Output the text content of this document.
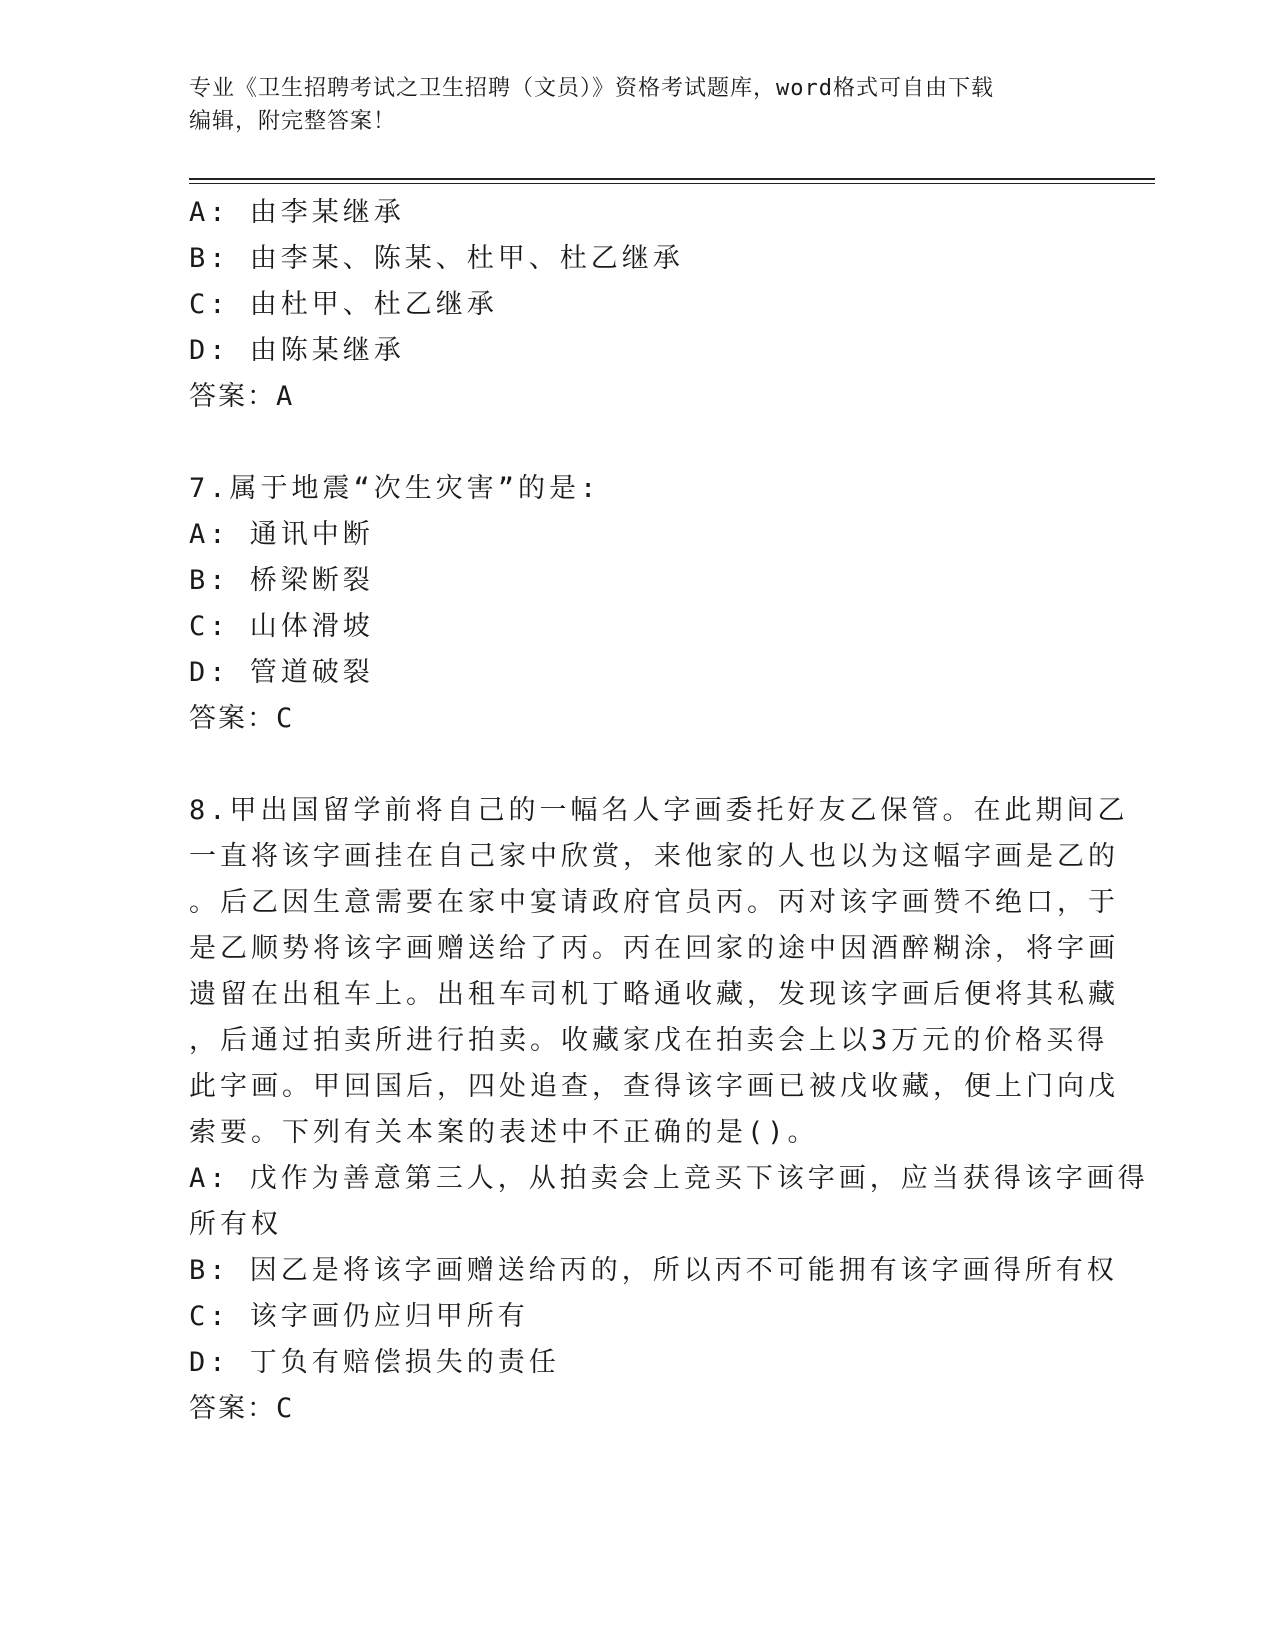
专业《卫生招聘考试之卫生招聘（文员）》资格考试题库，word格式可自由下载
编辑，附完整答案！

A: 由李某继承

B: 由李某、陈某、杜甲、杜乙继承

C: 由杜甲、杜乙继承

D: 由陈某继承

答案：A

7.属于地震“次生灾害”的是:

A: 通讯中断

B: 桥梁断裂

C: 山体滑坡

D: 管道破裂

答案：C

8.甲出国留学前将自己的一幅名人字画委托好友乙保管。在此期间乙

一直将该字画挂在自己家中欣赏，来他家的人也以为这幅字画是乙的

。后乙因生意需要在家中宴请政府官员丙。丙对该字画赞不绝口，于

是乙顺势将该字画赠送给了丙。丙在回家的途中因酒醉糊涂，将字画

遗留在出租车上。出租车司机丁略通收藏，发现该字画后便将其私藏

，后通过拍卖所进行拍卖。收藏家戊在拍卖会上以3万元的价格买得

此字画。甲回国后，四处追查，查得该字画已被戊收藏，便上门向戊

索要。下列有关本案的表述中不正确的是()。

A: 戊作为善意第三人，从拍卖会上竞买下该字画，应当获得该字画得

所有权

B: 因乙是将该字画赠送给丙的，所以丙不可能拥有该字画得所有权

C: 该字画仍应归甲所有

D: 丁负有赔偿损失的责任

答案：C
